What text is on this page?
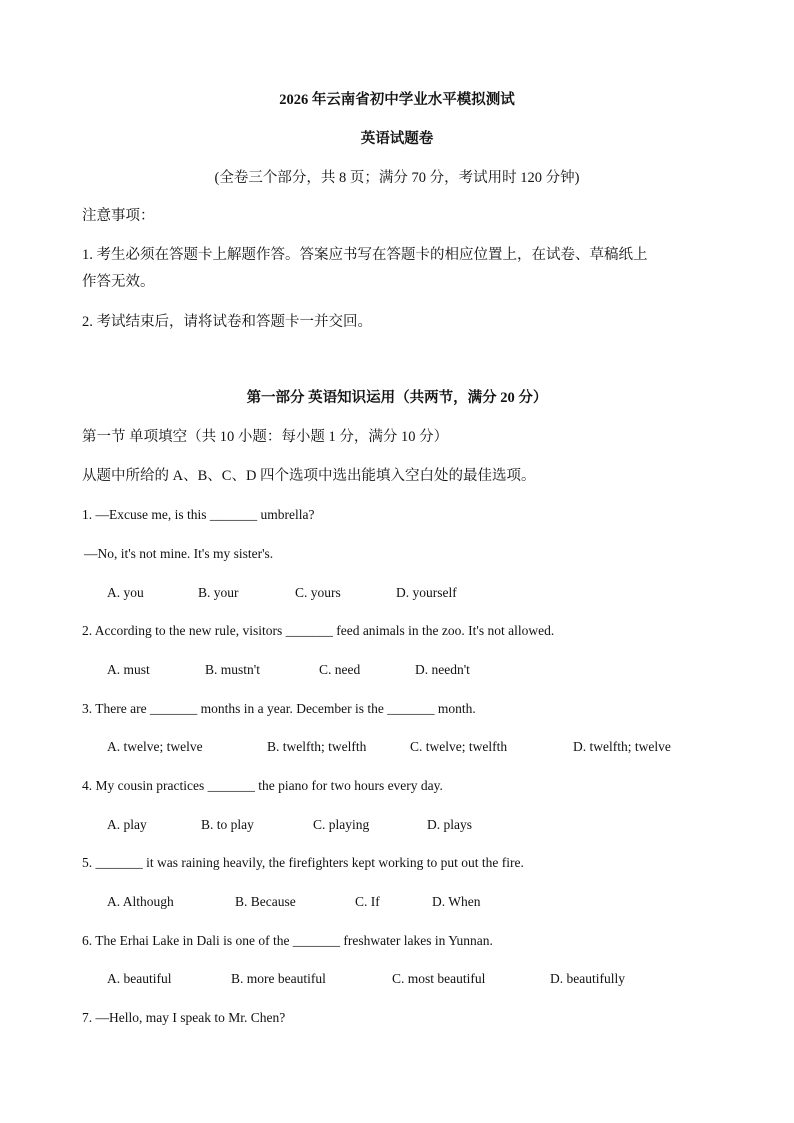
2026 年云南省初中学业水平模拟测试
英语试题卷
(全卷三个部分，共 8 页；满分 70 分，考试用时 120 分钟)
注意事项：
1. 考生必须在答题卡上解题作答。答案应书写在答题卡的相应位置上，在试卷、草稿纸上
作答无效。
2. 考试结束后，请将试卷和答题卡一并交回。
第一部分 英语知识运用（共两节，满分 20 分）
第一节 单项填空（共 10 小题：每小题 1 分，满分 10 分）
从题中所给的 A、B、C、D 四个选项中选出能填入空白处的最佳选项。
1. —Excuse me, is this _______ umbrella?
—No, it's not mine. It's my sister's.
A. you	B. your	C. yours	D. yourself
2. According to the new rule, visitors _______ feed animals in the zoo. It's not allowed.
A. must	B. mustn't	C. need	D. needn't
3. There are _______ months in a year. December is the _______ month.
A. twelve; twelve	B. twelfth; twelfth	C. twelve; twelfth	D. twelfth; twelve
4. My cousin practices _______ the piano for two hours every day.
A. play	B. to play	C. playing	D. plays
5. _______ it was raining heavily, the firefighters kept working to put out the fire.
A. Although	B. Because	C. If	D. When
6. The Erhai Lake in Dali is one of the _______ freshwater lakes in Yunnan.
A. beautiful	B. more beautiful	C. most beautiful	D. beautifully
7. —Hello, may I speak to Mr. Chen?
